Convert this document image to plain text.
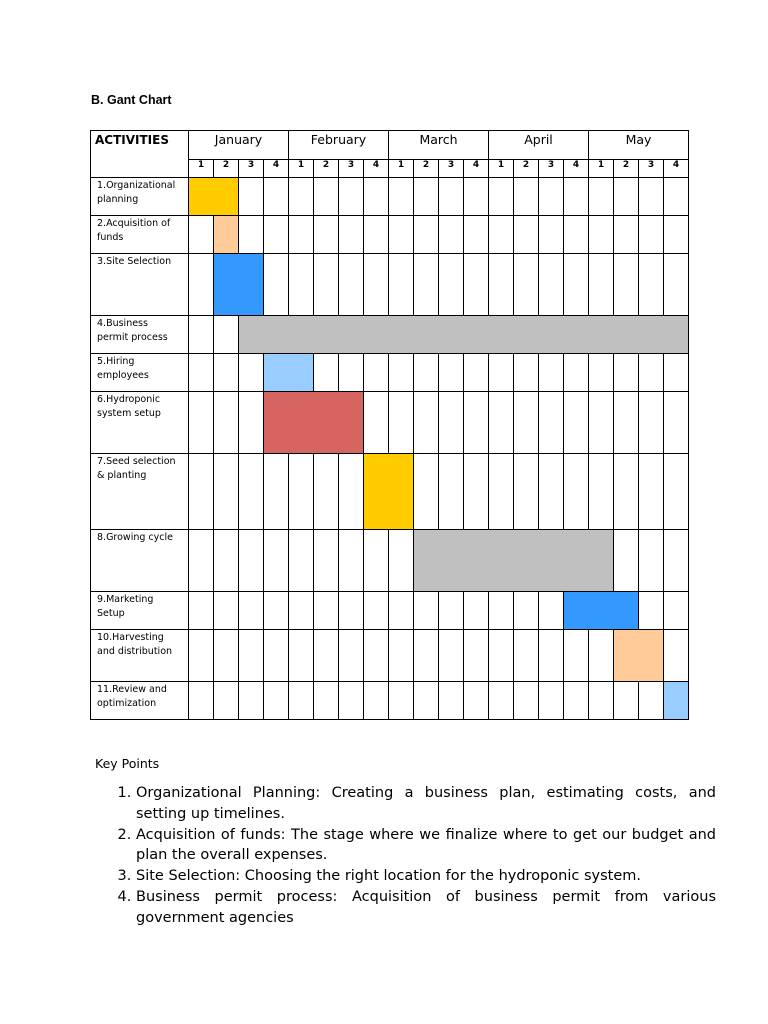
B. Gant Chart
ACTIVITIES	January				February				March				April				May			
	1	2	3	4	1	2	3	4	1	2	3	4	1	2	3	4	1	2	3	4
1.Organizational planning																				
2.Acquisition of funds																				
3.Site Selection																				
4.Business permit process																				
5.Hiring employees																				
6.Hydroponic system setup																				
7.Seed selection & planting																				
8.Growing cycle																				
9.Marketing Setup																				
10.Harvesting and distribution																				
11.Review and optimization																				
Key Points
1. Organizational Planning: Creating a business plan, estimating costs, and setting up timelines.
2. Acquisition of funds: The stage where we finalize where to get our budget and plan the overall expenses.
3. Site Selection: Choosing the right location for the hydroponic system.
4. Business permit process: Acquisition of business permit from various government agencies
